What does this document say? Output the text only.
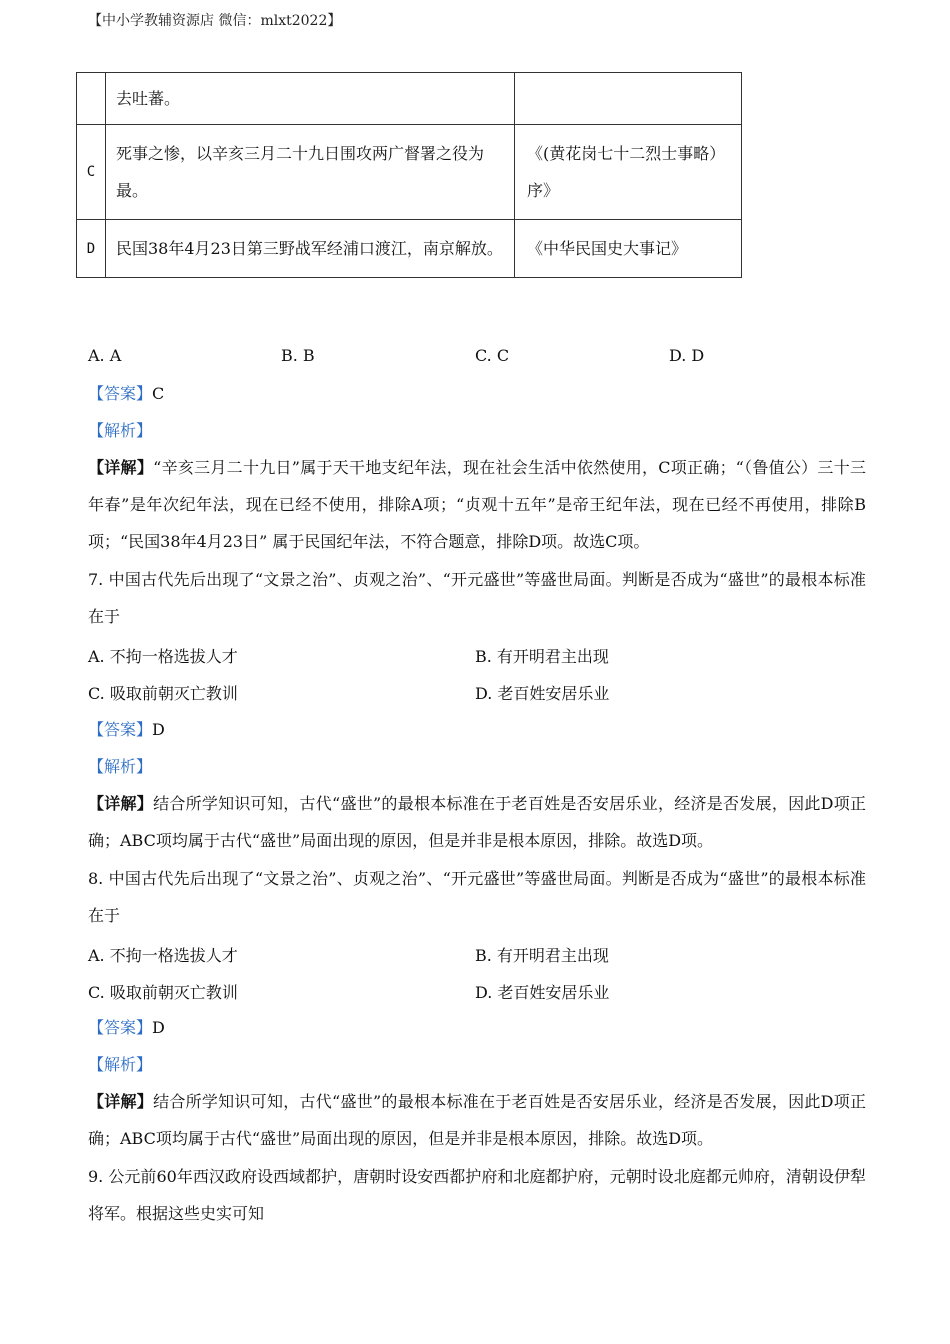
【中小学教辅资源店 微信：mlxt2022】
	去吐蕃。	
C	死事之惨，以辛亥三月二十九日围攻两广督署之役为最。	《(黄花岗七十二烈士事略）序》
D	民国38年4月23日第三野战军经浦口渡江，南京解放。	《中华民国史大事记》
A. A	B. B	C. C	D. D
【答案】C
【解析】
【详解】“辛亥三月二十九日”属于天干地支纪年法，现在社会生活中依然使用，C项正确；“（鲁值公）三十三年春”是年次纪年法，现在已经不使用，排除A项；“贞观十五年”是帝王纪年法，现在已经不再使用，排除B项；“民国38年4月23日” 属于民国纪年法，不符合题意，排除D项。故选C项。
7. 中国古代先后出现了“文景之治”、贞观之治”、“开元盛世”等盛世局面。判断是否成为“盛世”的最根本标准在于
A. 不拘一格选拔人才	B. 有开明君主出现
C. 吸取前朝灭亡教训	D. 老百姓安居乐业
【答案】D
【解析】
【详解】结合所学知识可知，古代“盛世”的最根本标准在于老百姓是否安居乐业，经济是否发展，因此D项正确；ABC项均属于古代“盛世”局面出现的原因，但是并非是根本原因，排除。故选D项。
8. 中国古代先后出现了“文景之治”、贞观之治”、“开元盛世”等盛世局面。判断是否成为“盛世”的最根本标准在于
A. 不拘一格选拔人才	B. 有开明君主出现
C. 吸取前朝灭亡教训	D. 老百姓安居乐业
【答案】D
【解析】
【详解】结合所学知识可知，古代“盛世”的最根本标准在于老百姓是否安居乐业，经济是否发展，因此D项正确；ABC项均属于古代“盛世”局面出现的原因，但是并非是根本原因，排除。故选D项。
9. 公元前60年西汉政府设西域都护，唐朝时设安西都护府和北庭都护府，元朝时设北庭都元帅府，清朝设伊犁将军。根据这些史实可知
